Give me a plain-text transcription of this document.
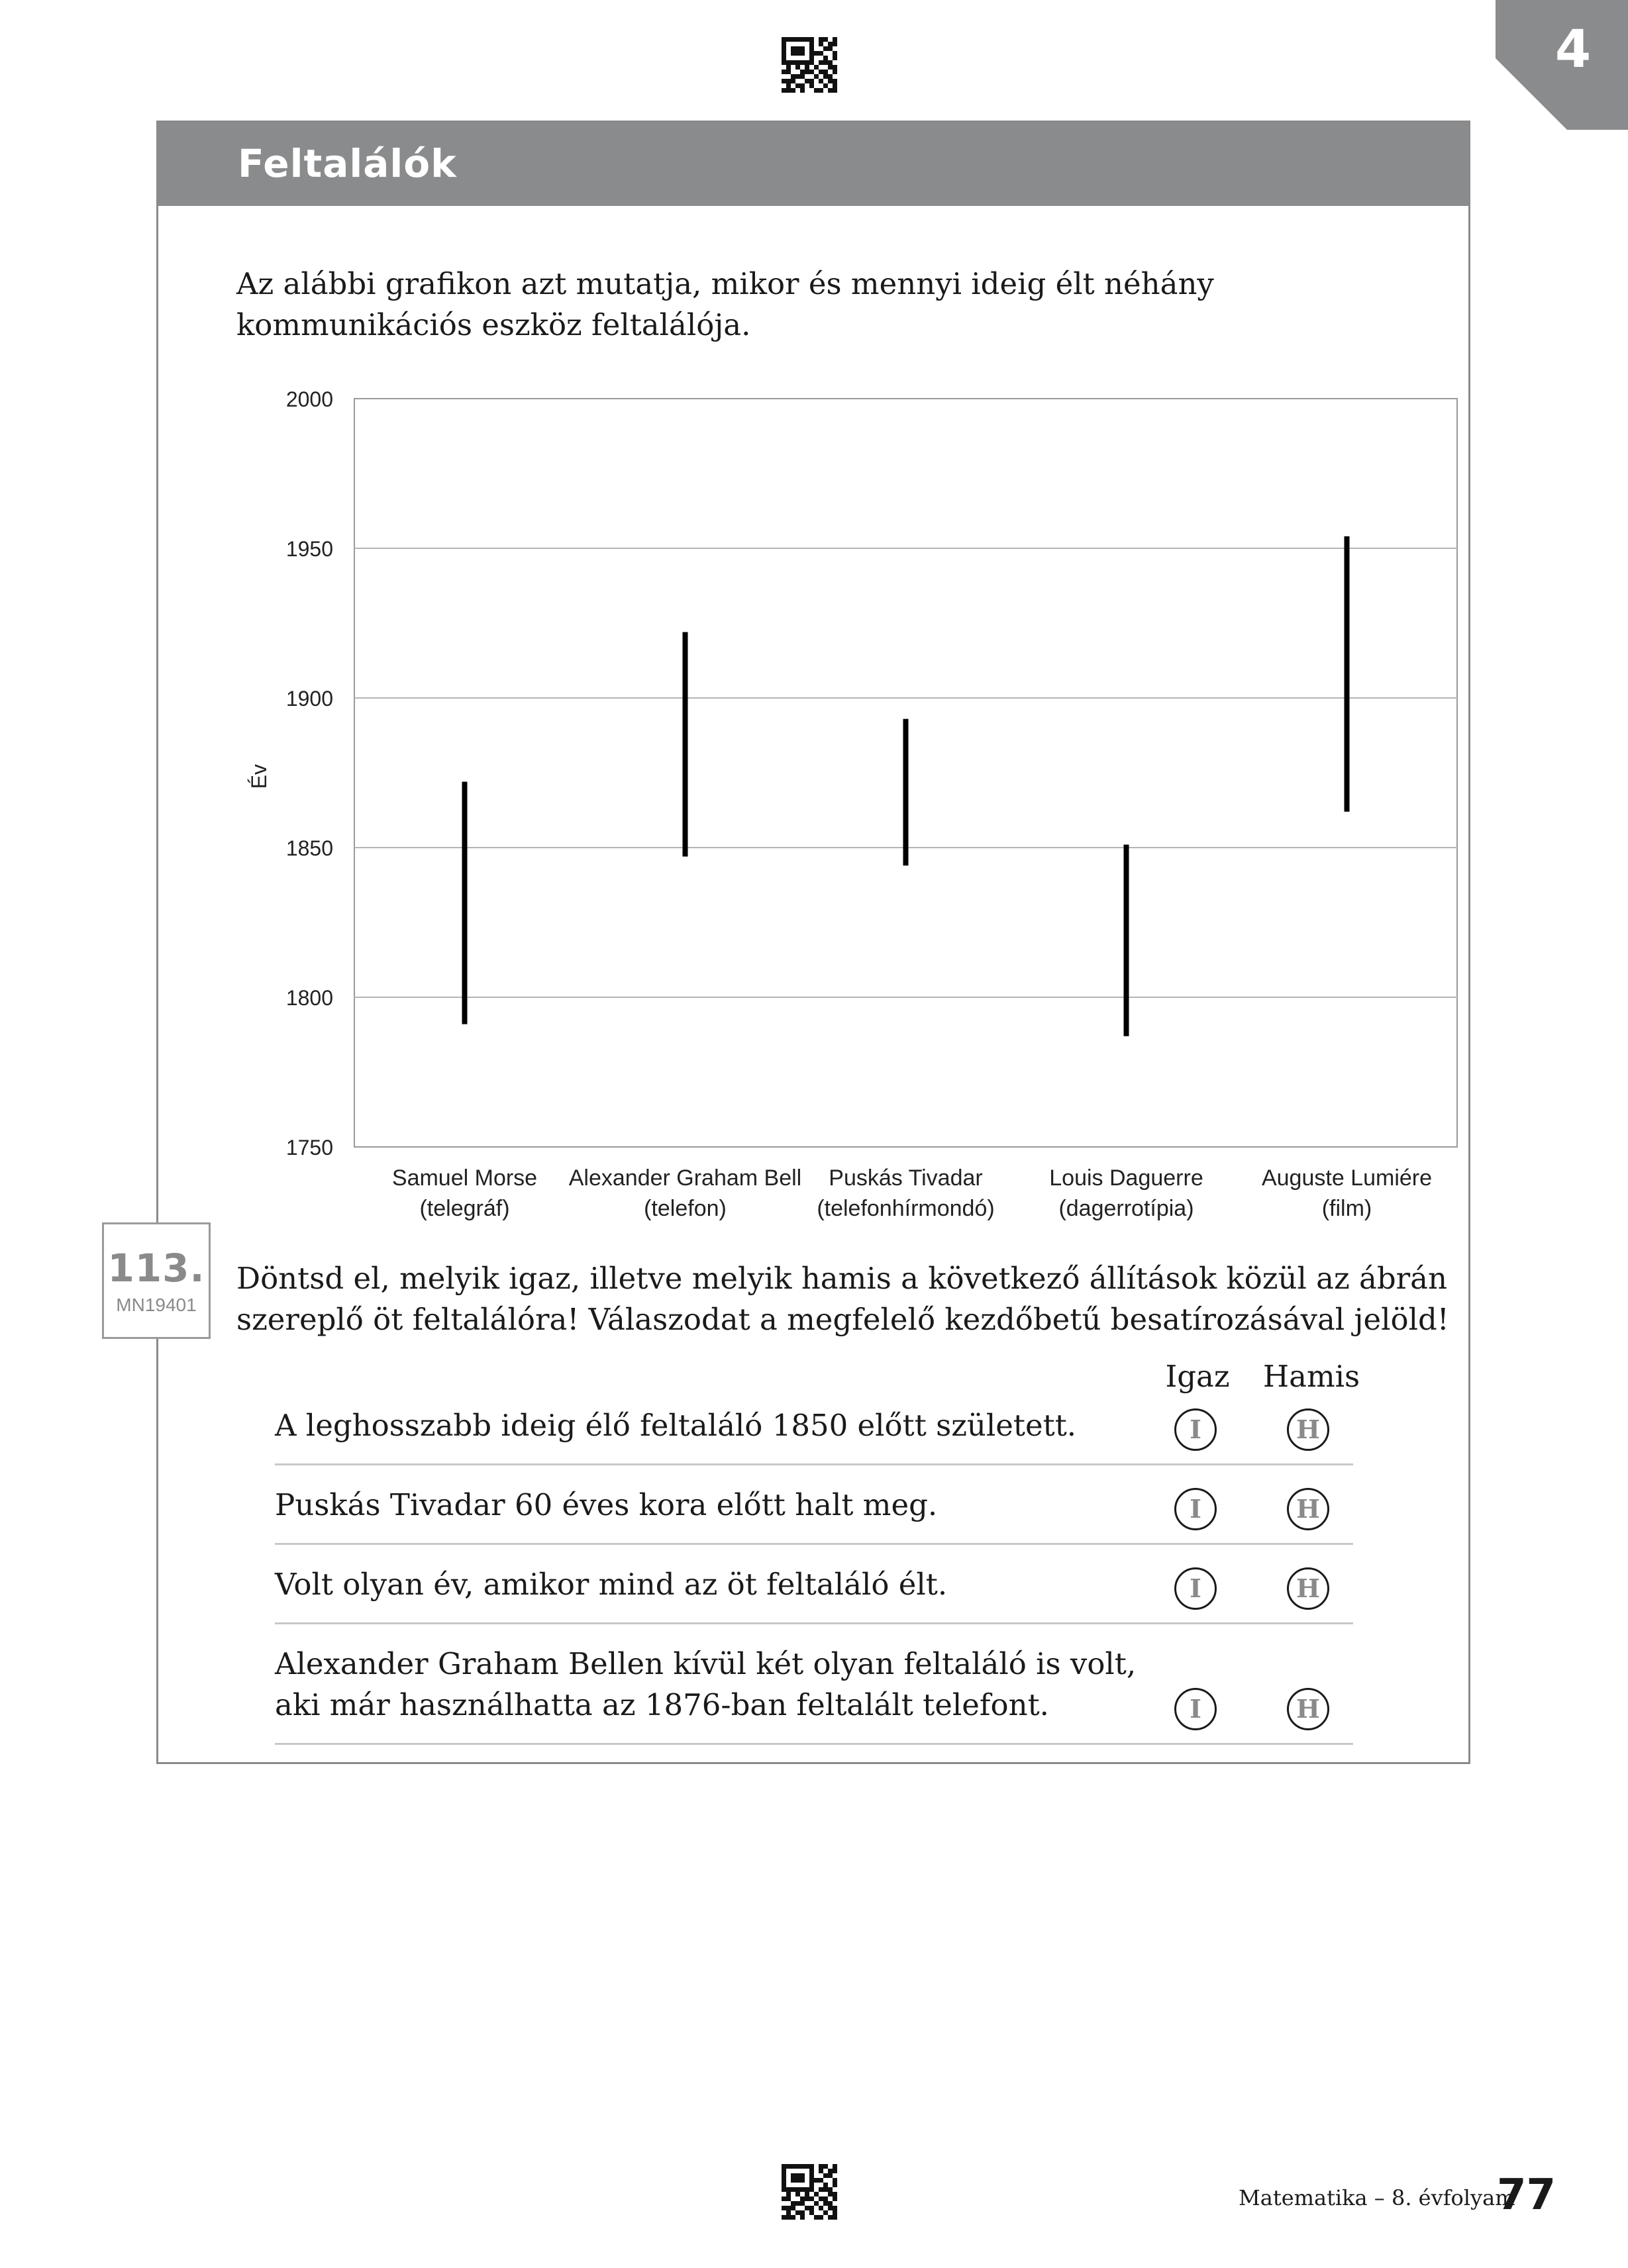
4
Feltalálók
Az alábbi grafikon azt mutatja, mikor és mennyi ideig élt néhány kommunikációs eszköz feltalálója.
1750
1800
1850
1900
1950
2000
Év
Samuel Morse
(telegráf)
Alexander Graham Bell
(telefon)
Puskás Tivadar
(telefonhírmondó)
Louis Daguerre
(dagerrotípia)
Auguste Lumiére
(film)
113.
MN19401
Döntsd el, melyik igaz, illetve melyik hamis a következő állítások közül az ábrán szereplő öt feltalálóra! Válaszodat a megfelelő kezdőbetű besatírozásával jelöld!
Igaz	Hamis
A leghosszabb ideig élő feltaláló 1850 előtt született.	I	H
Puskás Tivadar 60 éves kora előtt halt meg.	I	H
Volt olyan év, amikor mind az öt feltaláló élt.	I	H
Alexander Graham Bellen kívül két olyan feltaláló is volt,
aki már használhatta az 1876-ban feltalált telefont.	I	H
Matematika – 8. évfolyam
77
